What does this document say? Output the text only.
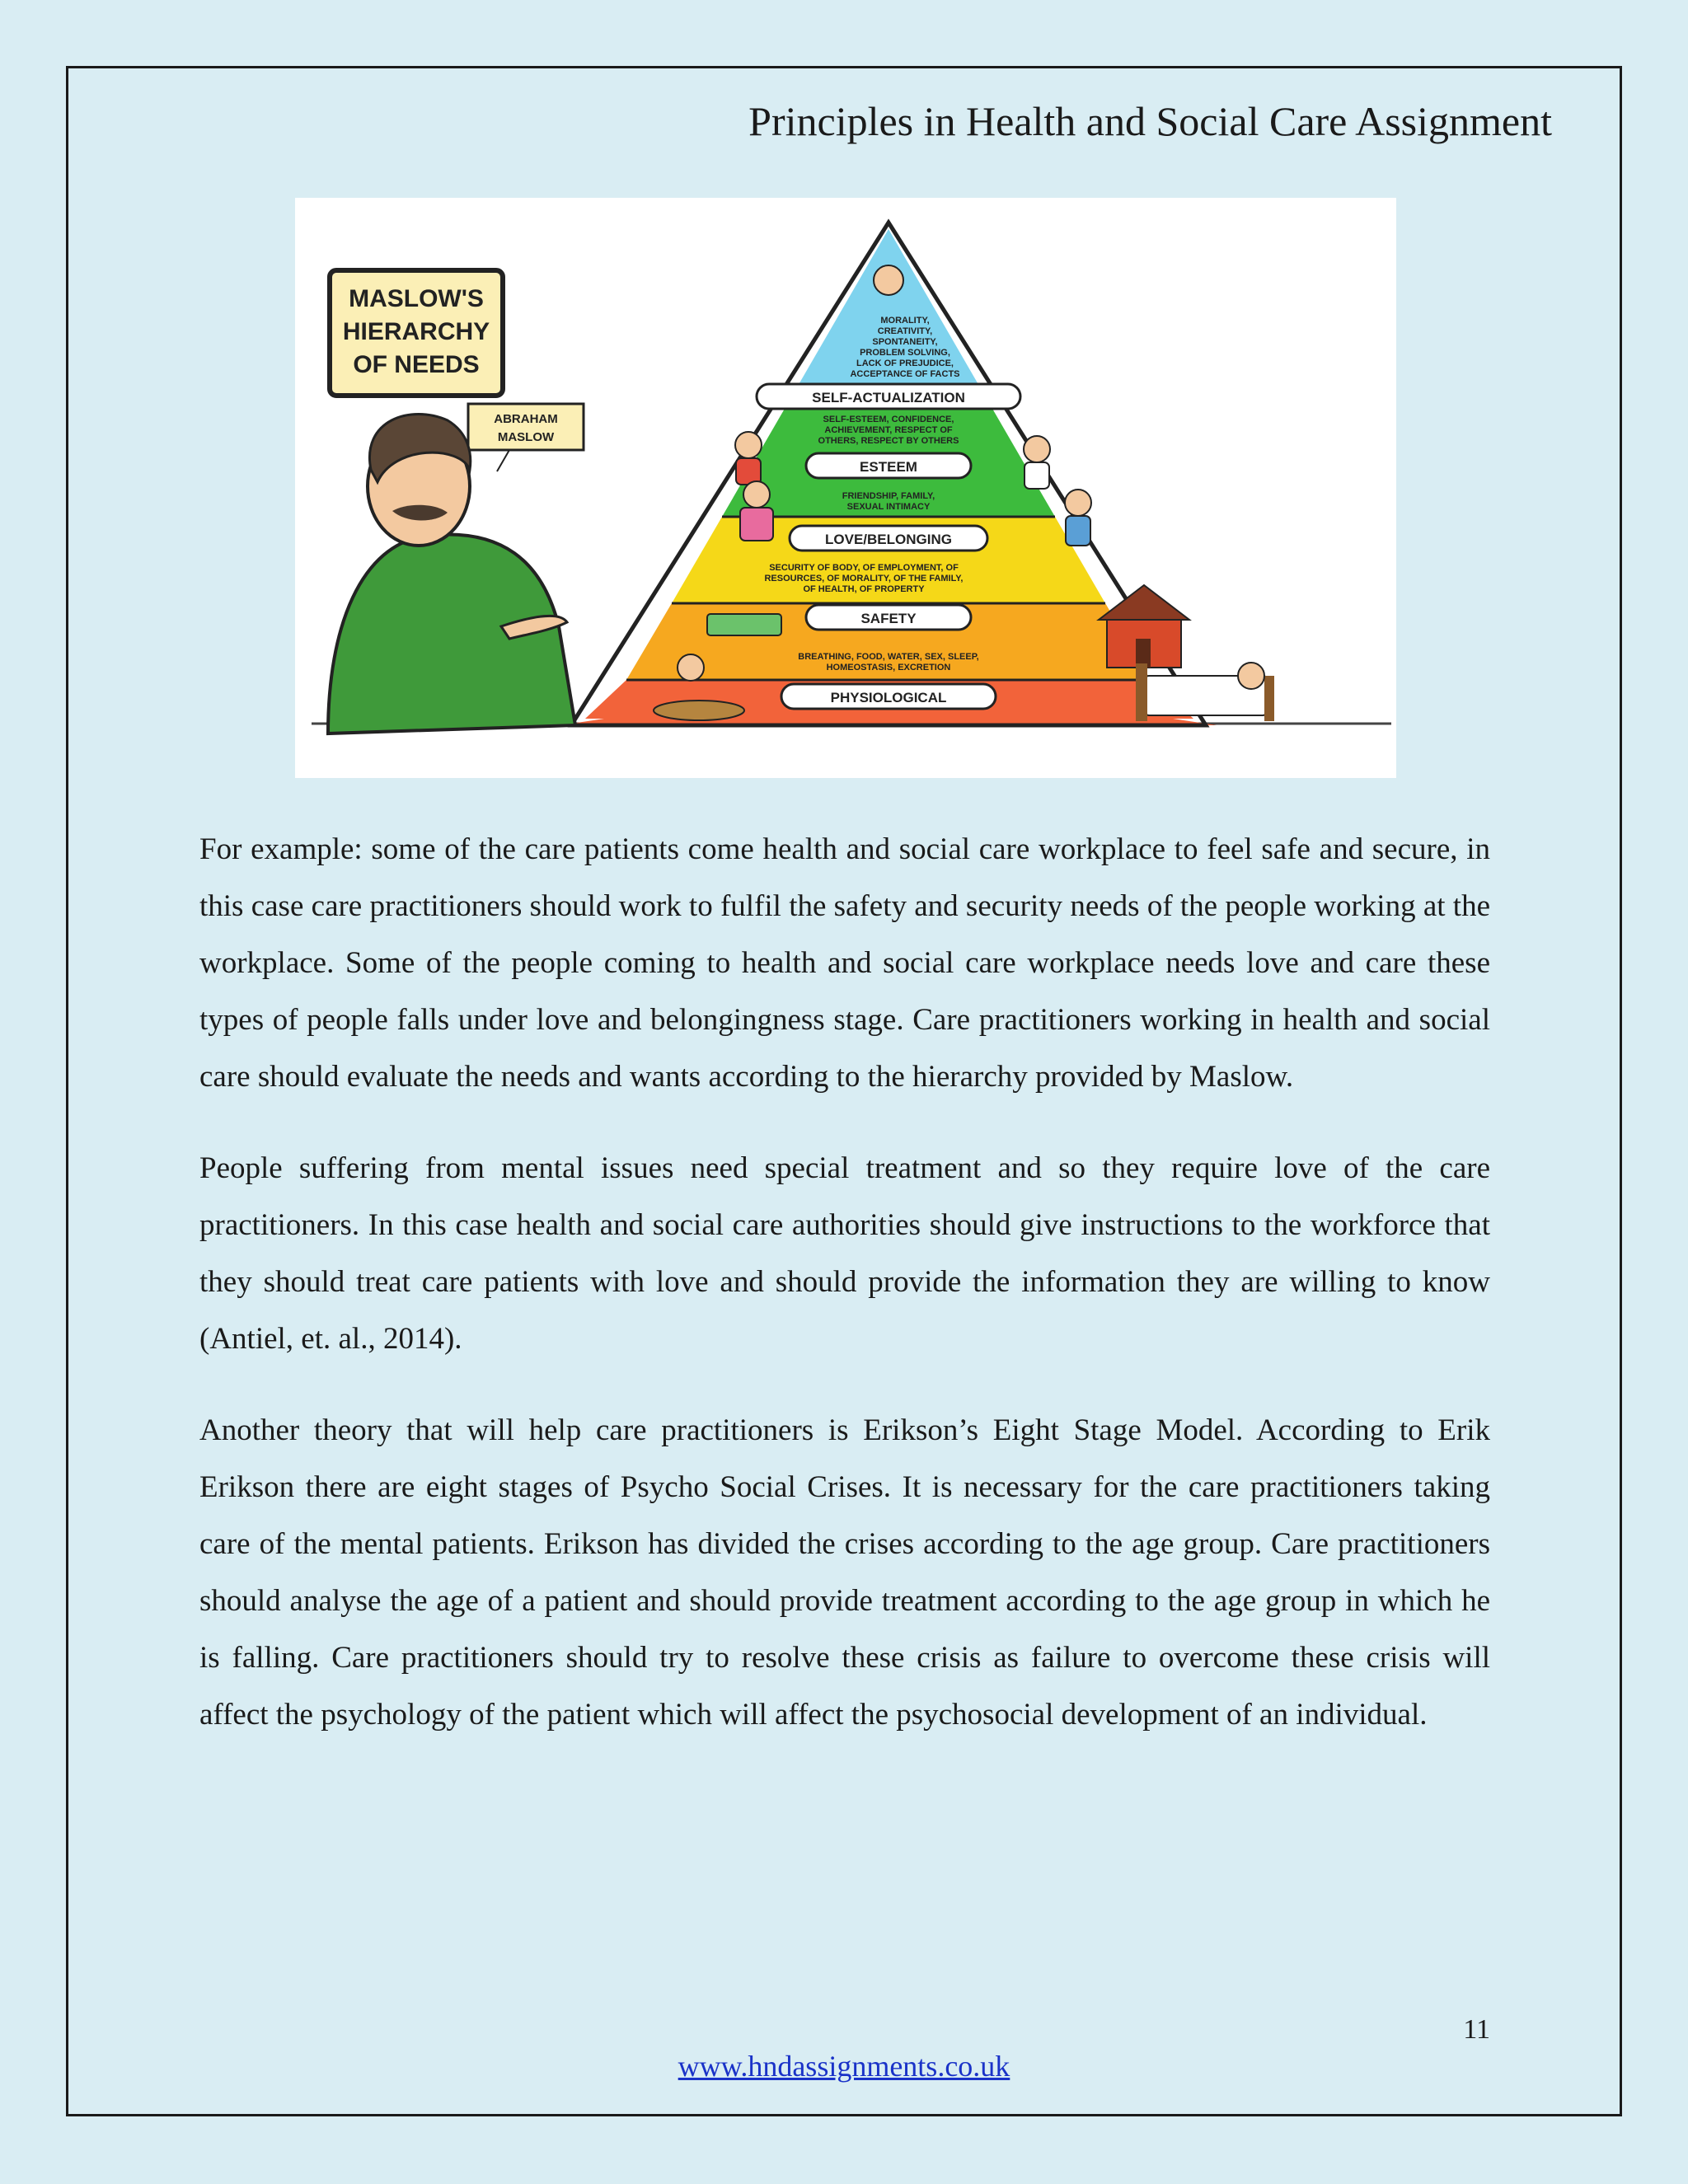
Principles in Health and Social Care Assignment
MORALITY,
CREATIVITY,
SPONTANEITY,
PROBLEM SOLVING,
LACK OF PREJUDICE,
ACCEPTANCE OF FACTS
SELF-ESTEEM, CONFIDENCE,
ACHIEVEMENT, RESPECT OF
OTHERS, RESPECT BY OTHERS
FRIENDSHIP, FAMILY,
SEXUAL INTIMACY
SECURITY OF BODY, OF EMPLOYMENT, OF
RESOURCES, OF MORALITY, OF THE FAMILY,
OF HEALTH, OF PROPERTY
BREATHING, FOOD, WATER, SEX, SLEEP,
HOMEOSTASIS, EXCRETION
SELF-ACTUALIZATION
ESTEEM
LOVE/BELONGING
SAFETY
PHYSIOLOGICAL
MASLOW'S
HIERARCHY
OF NEEDS
ABRAHAM
MASLOW

For example: some of the care patients come health and social care workplace to feel safe and secure, in this case care practitioners should work to fulfil the safety and security needs of the people working at the workplace. Some of the people coming to health and social care workplace needs love and care these types of people falls under love and belongingness stage. Care practitioners working in health and social care should evaluate the needs and wants according to the hierarchy provided by Maslow.

People suffering from mental issues need special treatment and so they require love of the care practitioners. In this case health and social care authorities should give instructions to the workforce that they should treat care patients with love and should provide the information they are willing to know (Antiel, et. al., 2014).

Another theory that will help care practitioners is Erikson’s Eight Stage Model. According to Erik Erikson there are eight stages of Psycho Social Crises. It is necessary for the care practitioners taking care of the mental patients. Erikson has divided the crises according to the age group. Care practitioners should analyse the age of a patient and should provide treatment according to the age group in which he is falling. Care practitioners should try to resolve these crisis as failure to overcome these crisis will affect the psychology of the patient which will affect the psychosocial development of an individual.

11
www.hndassignments.co.uk
